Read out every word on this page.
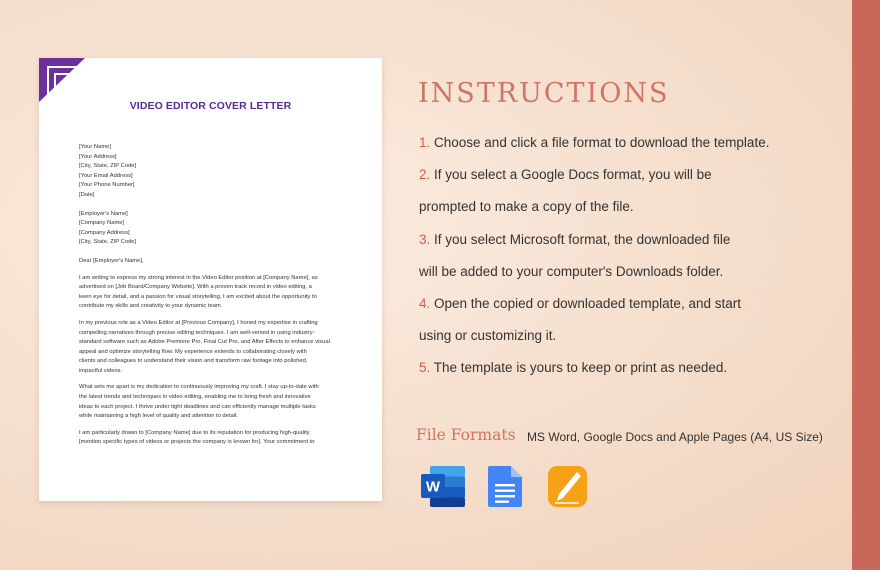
VIDEO EDITOR COVER LETTER
[Your Name]
[Your Address]
[City, State, ZIP Code]
[Your Email Address]
[Your Phone Number]
[Date]
[Employer's Name]
[Company Name]
[Company Address]
[City, State, ZIP Code]

Dear [Employer's Name],

I am writing to express my strong interest in the Video Editor position at [Company Name], as
advertised on [Job Board/Company Website]. With a proven track record in video editing, a
keen eye for detail, and a passion for visual storytelling, I am excited about the opportunity to
contribute my skills and creativity to your dynamic team.

In my previous role as a Video Editor at [Previous Company], I honed my expertise in crafting
compelling narratives through precise editing techniques. I am well-versed in using industry-
standard software such as Adobe Premiere Pro, Final Cut Pro, and After Effects to enhance visual
appeal and optimize storytelling flow. My experience extends to collaborating closely with
clients and colleagues to understand their vision and transform raw footage into polished,
impactful videos.

What sets me apart is my dedication to continuously improving my craft. I stay up-to-date with
the latest trends and techniques in video editing, enabling me to bring fresh and innovative
ideas to each project. I thrive under tight deadlines and can efficiently manage multiple tasks
while maintaining a high level of quality and attention to detail.

I am particularly drawn to [Company Name] due to its reputation for producing high-quality
[mention specific types of videos or projects the company is known for]. Your commitment to

INSTRUCTIONS
1. Choose and click a file format to download the template.
2. If you select a Google Docs format, you will be
prompted to make a copy of the file.
3. If you select Microsoft format, the downloaded file
will be added to your computer's Downloads folder.
4. Open the copied or downloaded template, and start
using or customizing it.
5. The template is yours to keep or print as needed.
File Formats MS Word, Google Docs and Apple Pages (A4, US Size)
W
